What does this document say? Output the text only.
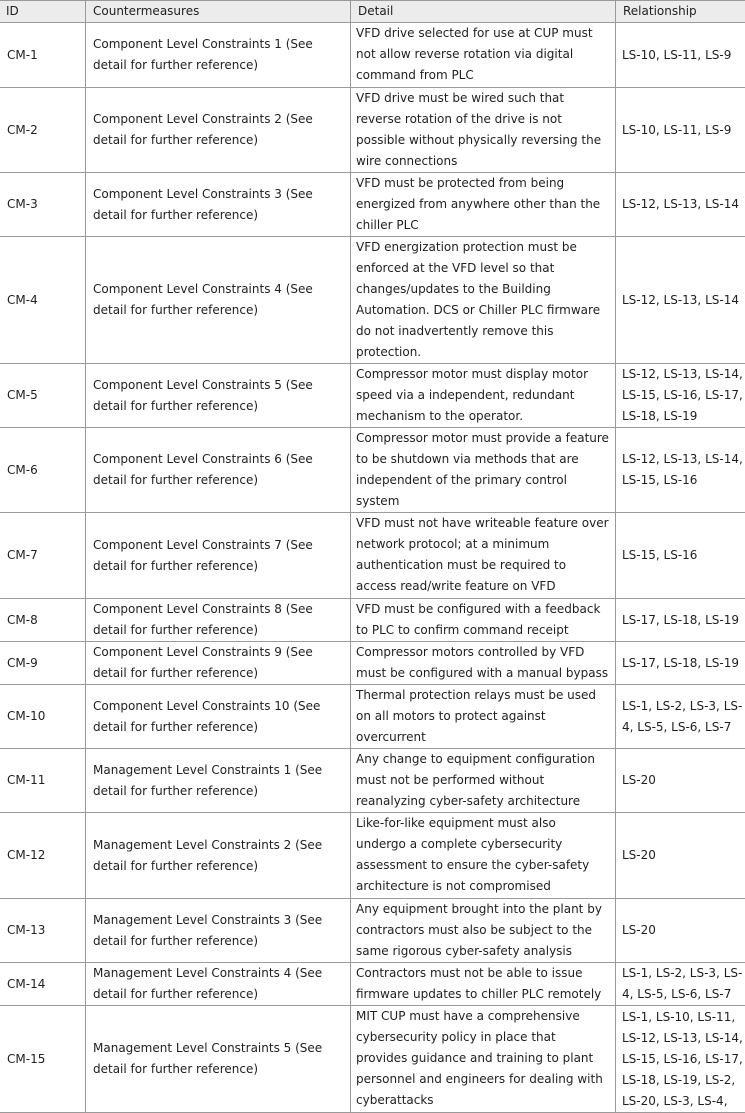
ID	Countermeasures	Detail	Relationship
CM-1	Component Level Constraints 1 (See detail for further reference)	VFD drive selected for use at CUP must not allow reverse rotation via digital command from PLC	LS-10, LS-11, LS-9
CM-2	Component Level Constraints 2 (See detail for further reference)	VFD drive must be wired such that reverse rotation of the drive is not possible without physically reversing the wire connections	LS-10, LS-11, LS-9
CM-3	Component Level Constraints 3 (See detail for further reference)	VFD must be protected from being energized from anywhere other than the chiller PLC	LS-12, LS-13, LS-14
CM-4	Component Level Constraints 4 (See detail for further reference)	VFD energization protection must be enforced at the VFD level so that changes/updates to the Building Automation. DCS or Chiller PLC firmware do not inadvertently remove this protection.	LS-12, LS-13, LS-14
CM-5	Component Level Constraints 5 (See detail for further reference)	Compressor motor must display motor speed via a independent, redundant mechanism to the operator.	LS-12, LS-13, LS-14, LS-15, LS-16, LS-17, LS-18, LS-19
CM-6	Component Level Constraints 6 (See detail for further reference)	Compressor motor must provide a feature to be shutdown via methods that are independent of the primary control system	LS-12, LS-13, LS-14, LS-15, LS-16
CM-7	Component Level Constraints 7 (See detail for further reference)	VFD must not have writeable feature over network protocol; at a minimum authentication must be required to access read/write feature on VFD	LS-15, LS-16
CM-8	Component Level Constraints 8 (See detail for further reference)	VFD must be configured with a feedback to PLC to confirm command receipt	LS-17, LS-18, LS-19
CM-9	Component Level Constraints 9 (See detail for further reference)	Compressor motors controlled by VFD must be configured with a manual bypass	LS-17, LS-18, LS-19
CM-10	Component Level Constraints 10 (See detail for further reference)	Thermal protection relays must be used on all motors to protect against overcurrent	LS-1, LS-2, LS-3, LS-4, LS-5, LS-6, LS-7
CM-11	Management Level Constraints 1 (See detail for further reference)	Any change to equipment configuration must not be performed without reanalyzing cyber-safety architecture	LS-20
CM-12	Management Level Constraints 2 (See detail for further reference)	Like-for-like equipment must also undergo a complete cybersecurity assessment to ensure the cyber-safety architecture is not compromised	LS-20
CM-13	Management Level Constraints 3 (See detail for further reference)	Any equipment brought into the plant by contractors must also be subject to the same rigorous cyber-safety analysis	LS-20
CM-14	Management Level Constraints 4 (See detail for further reference)	Contractors must not be able to issue firmware updates to chiller PLC remotely	LS-1, LS-2, LS-3, LS-4, LS-5, LS-6, LS-7
CM-15	Management Level Constraints 5 (See detail for further reference)	MIT CUP must have a comprehensive cybersecurity policy in place that provides guidance and training to plant personnel and engineers for dealing with cyberattacks	LS-1, LS-10, LS-11, LS-12, LS-13, LS-14, LS-15, LS-16, LS-17, LS-18, LS-19, LS-2, LS-20, LS-3, LS-4,
